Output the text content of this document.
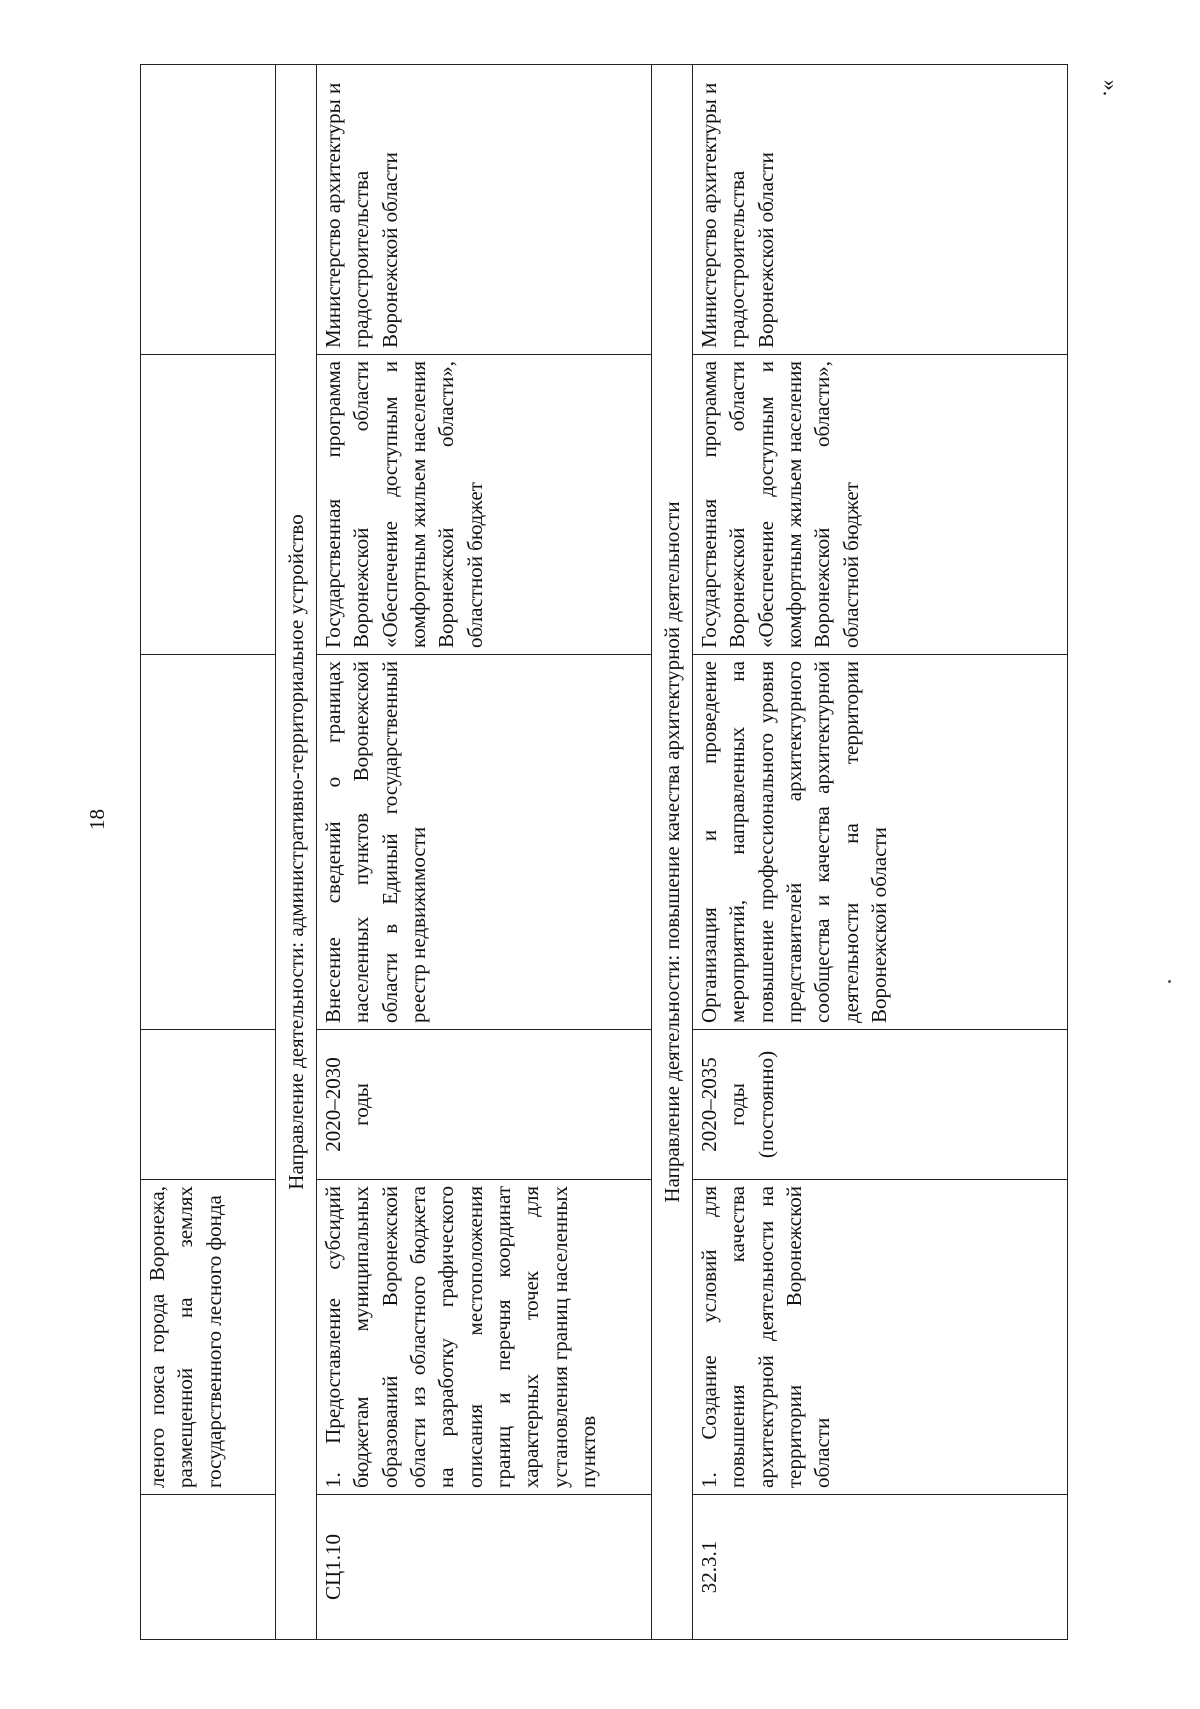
18
».
	леного пояса города Воронежа, размещенной на землях государственного лесного фонда				
Направление деятельности: административно-территориальное устройство					
СЦ1.10	1. Предоставление субсидий бюджетам муниципальных образований Воронежской области из областного бюджета на разработку графического описания местоположения границ и перечня координат характерных точек для установления границ населенных пунктов	2020–2030 годы	Внесение сведений о границах населенных пунктов Воронежской области в Единый государственный реестр недвижимости	Государственная программа Воронежской области «Обеспечение доступным и комфортным жильем населения Воронежской области», областной бюджет	Министерство архитектуры и градостроительства Воронежской области
Направление деятельности: повышение качества архитектурной деятельности					
32.3.1	1. Создание условий для повышения качества архитектурной деятельности на территории Воронежской области	2020–2035 годы (постоянно)	Организация и проведение мероприятий, направленных на повышение профессионального уровня представителей архитектурного сообщества и качества архитектурной деятельности на территории Воронежской области	Государственная программа Воронежской области «Обеспечение доступным и комфортным жильем населения Воронежской области», областной бюджет	Министерство архитектуры и градостроительства Воронежской области
